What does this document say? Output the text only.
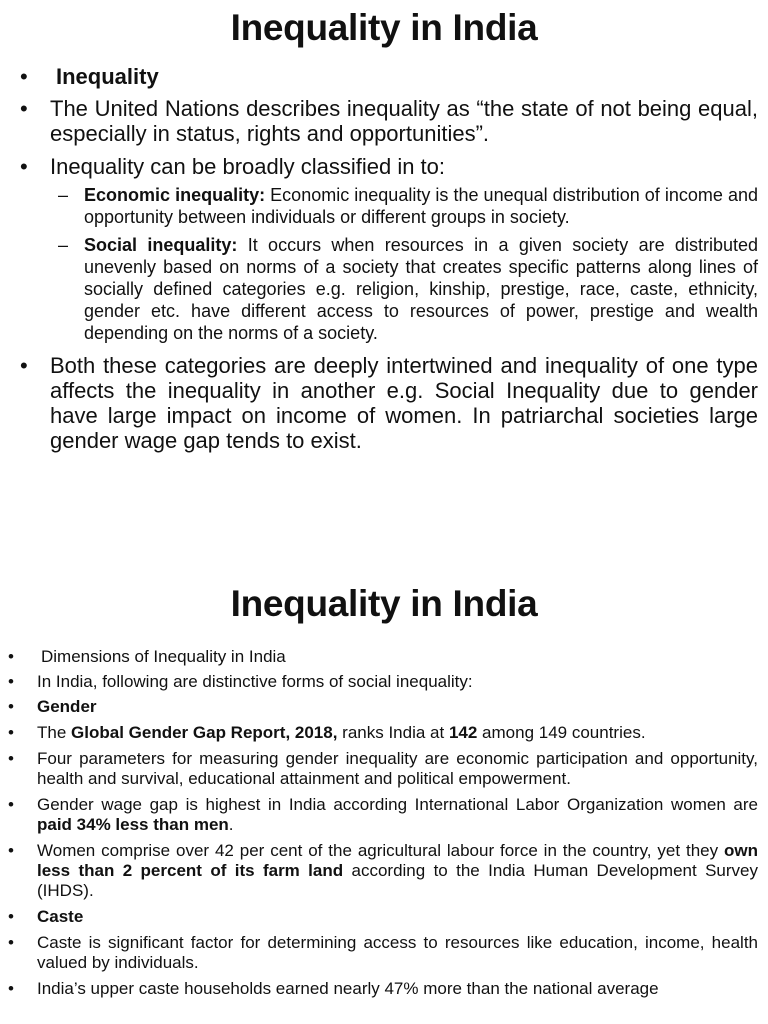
Inequality in India
• Inequality
• The United Nations describes inequality as “the state of not being equal, especially in status, rights and opportunities”.
• Inequality can be broadly classified in to:
– Economic inequality: Economic inequality is the unequal distribution of income and opportunity between individuals or different groups in society.
– Social inequality: It occurs when resources in a given society are distributed unevenly based on norms of a society that creates specific patterns along lines of socially defined categories e.g. religion, kinship, prestige, race, caste, ethnicity, gender etc. have different access to resources of power, prestige and wealth depending on the norms of a society.
• Both these categories are deeply intertwined and inequality of one type affects the inequality in another e.g. Social Inequality due to gender have large impact on income of women. In patriarchal societies large gender wage gap tends to exist.
Inequality in India
• Dimensions of Inequality in India
• In India, following are distinctive forms of social inequality:
• Gender
• The Global Gender Gap Report, 2018, ranks India at 142 among 149 countries.
• Four parameters for measuring gender inequality are economic participation and opportunity, health and survival, educational attainment and political empowerment.
• Gender wage gap is highest in India according International Labor Organization women are paid 34% less than men.
• Women comprise over 42 per cent of the agricultural labour force in the country, yet they own less than 2 percent of its farm land according to the India Human Development Survey (IHDS).
• Caste
• Caste is significant factor for determining access to resources like education, income, health valued by individuals.
• India’s upper caste households earned nearly 47% more than the national average
